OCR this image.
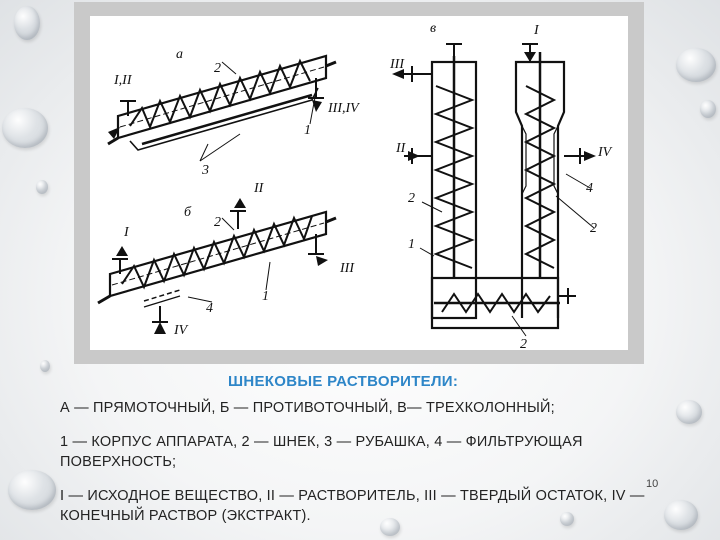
а
I,II
2
III,IV
1
3
б
II
I
2
III
1
4
IV
в	I
III
II	IV
2
1
4
2
2
ШНЕКОВЫЕ РАСТВОРИТЕЛИ:
А — ПРЯМОТОЧНЫЙ, Б — ПРОТИВОТОЧНЫЙ, В— ТРЕХКОЛОННЫЙ;
1 — КОРПУС АППАРАТА, 2 — ШНЕК, 3 — РУБАШКА, 4 — ФИЛЬТРУЮЩАЯ
ПОВЕРХНОСТЬ;
I — ИСХОДНОЕ ВЕЩЕСТВО, II — РАСТВОРИТЕЛЬ, III — ТВЕРДЫЙ ОСТАТОК, IV —
КОНЕЧНЫЙ РАСТВОР (ЭКСТРАКТ).
10
